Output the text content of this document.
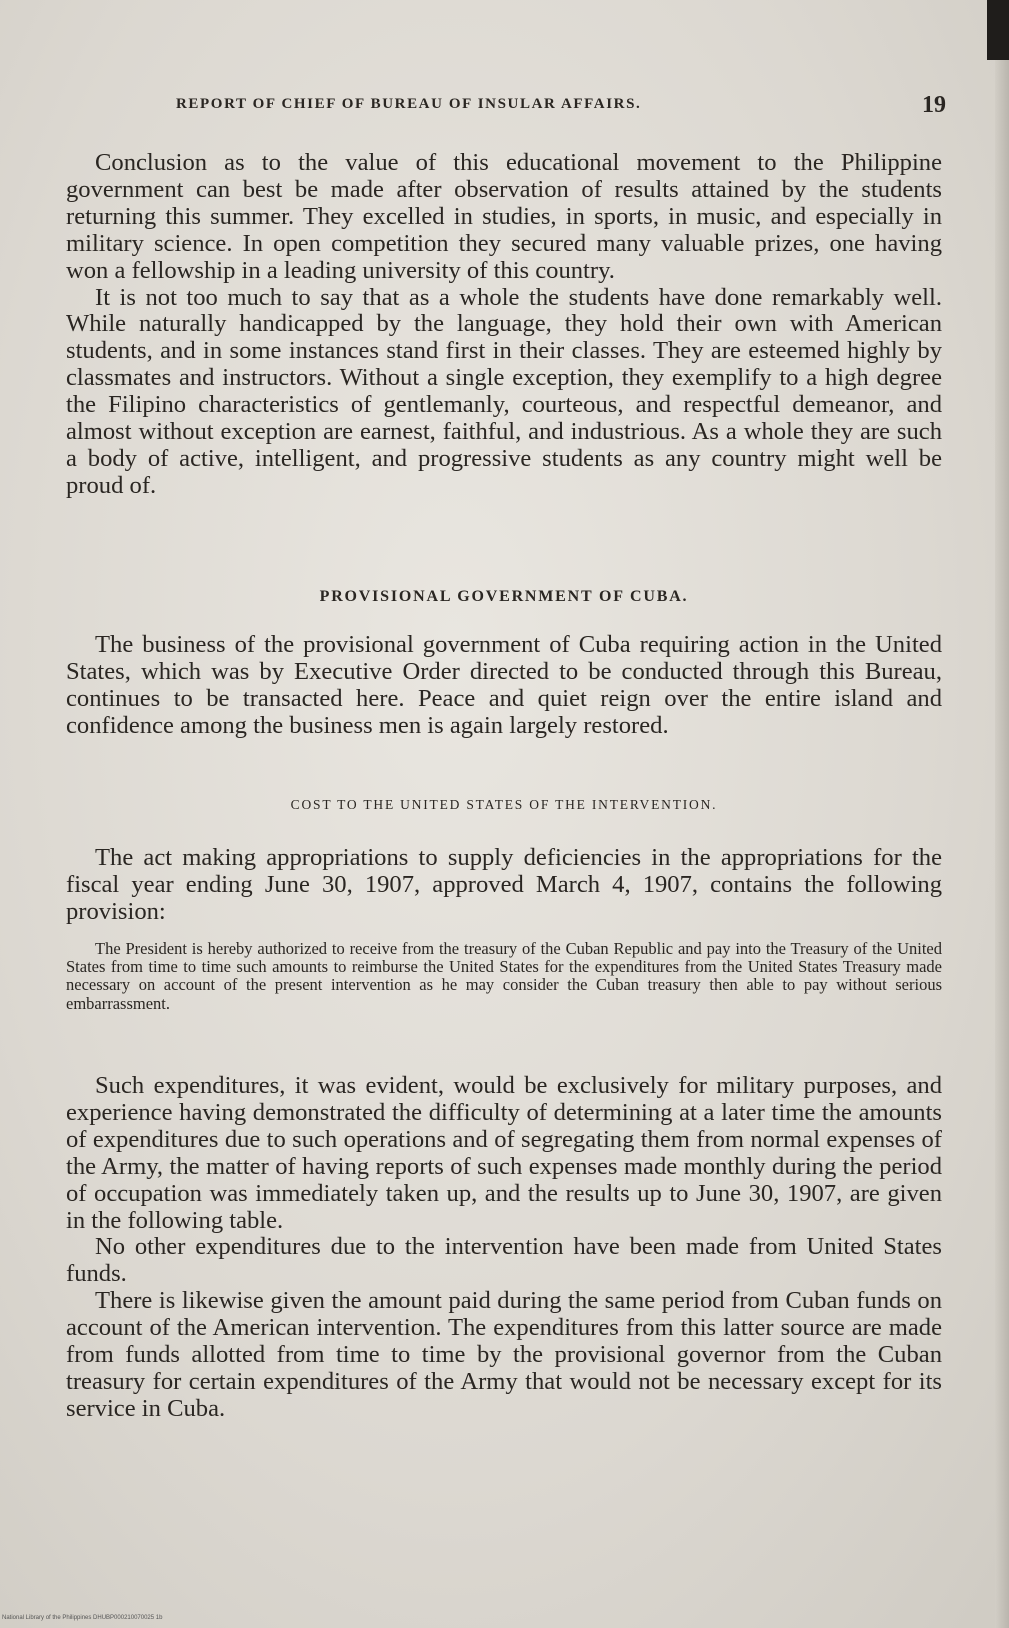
REPORT OF CHIEF OF BUREAU OF INSULAR AFFAIRS.	19

Conclusion as to the value of this educational movement to the Philippine government can best be made after observation of results attained by the students returning this summer. They excelled in studies, in sports, in music, and especially in military science. In open competition they secured many valuable prizes, one having won a fellowship in a leading university of this country.

It is not too much to say that as a whole the students have done remarkably well. While naturally handicapped by the language, they hold their own with American students, and in some instances stand first in their classes. They are esteemed highly by classmates and instructors. Without a single exception, they exemplify to a high degree the Filipino characteristics of gentlemanly, courteous, and respectful demeanor, and almost without exception are earnest, faithful, and industrious. As a whole they are such a body of active, intelligent, and progressive students as any country might well be proud of.

PROVISIONAL GOVERNMENT OF CUBA.

The business of the provisional government of Cuba requiring action in the United States, which was by Executive Order directed to be conducted through this Bureau, continues to be transacted here. Peace and quiet reign over the entire island and confidence among the business men is again largely restored.

COST TO THE UNITED STATES OF THE INTERVENTION.

The act making appropriations to supply deficiencies in the appropriations for the fiscal year ending June 30, 1907, approved March 4, 1907, contains the following provision:

The President is hereby authorized to receive from the treasury of the Cuban Republic and pay into the Treasury of the United States from time to time such amounts to reimburse the United States for the expenditures from the United States Treasury made necessary on account of the present intervention as he may consider the Cuban treasury then able to pay without serious embarrassment.

Such expenditures, it was evident, would be exclusively for military purposes, and experience having demonstrated the difficulty of determining at a later time the amounts of expenditures due to such operations and of segregating them from normal expenses of the Army, the matter of having reports of such expenses made monthly during the period of occupation was immediately taken up, and the results up to June 30, 1907, are given in the following table.

No other expenditures due to the intervention have been made from United States funds.

There is likewise given the amount paid during the same period from Cuban funds on account of the American intervention. The expenditures from this latter source are made from funds allotted from time to time by the provisional governor from the Cuban treasury for certain expenditures of the Army that would not be necessary except for its service in Cuba.

National Library of the Philippines DHUBP000210070025 1b
